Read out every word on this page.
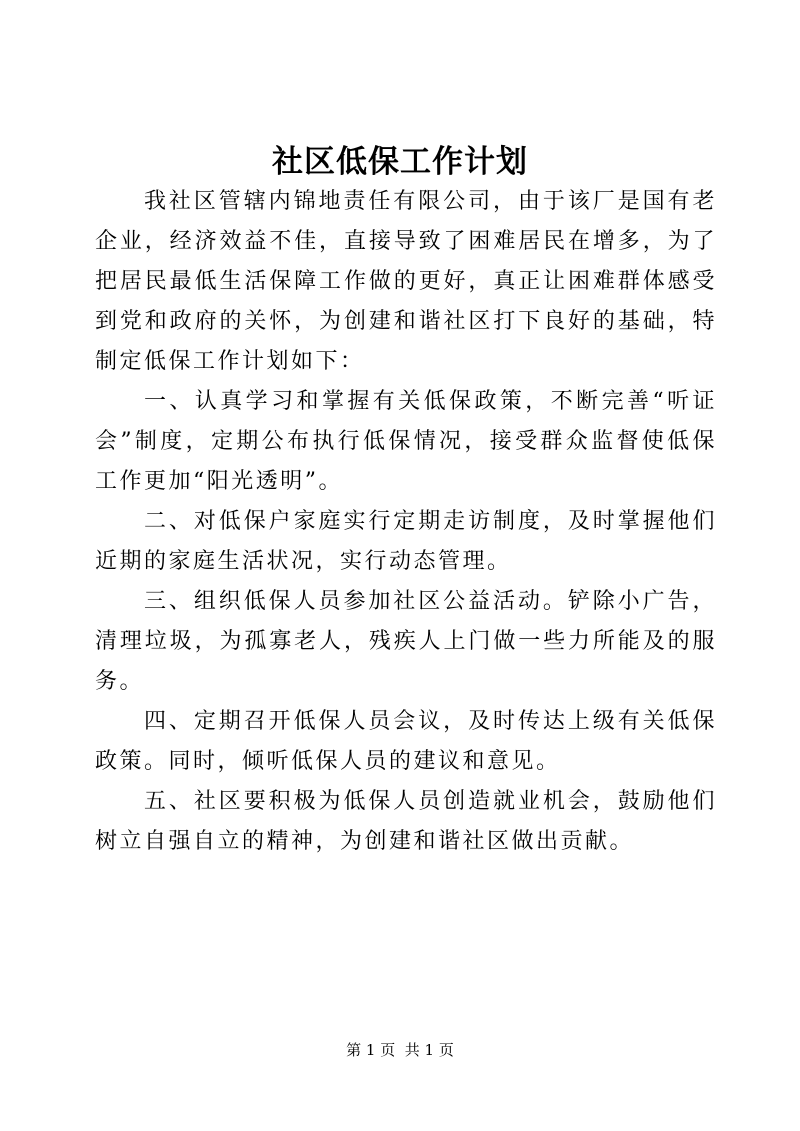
社区低保工作计划

我社区管辖内锦地责任有限公司，由于该厂是国有老企业，经济效益不佳，直接导致了困难居民在增多，为了把居民最低生活保障工作做的更好，真正让困难群体感受到党和政府的关怀，为创建和谐社区打下良好的基础，特制定低保工作计划如下：

一、认真学习和掌握有关低保政策，不断完善“听证会”制度，定期公布执行低保情况，接受群众监督使低保工作更加“阳光透明”。

二、对低保户家庭实行定期走访制度，及时掌握他们近期的家庭生活状况，实行动态管理。

三、组织低保人员参加社区公益活动。铲除小广告，清理垃圾，为孤寡老人，残疾人上门做一些力所能及的服务。

四、定期召开低保人员会议，及时传达上级有关低保政策。同时，倾听低保人员的建议和意见。

五、社区要积极为低保人员创造就业机会，鼓励他们树立自强自立的精神，为创建和谐社区做出贡献。

第 1 页  共 1 页
